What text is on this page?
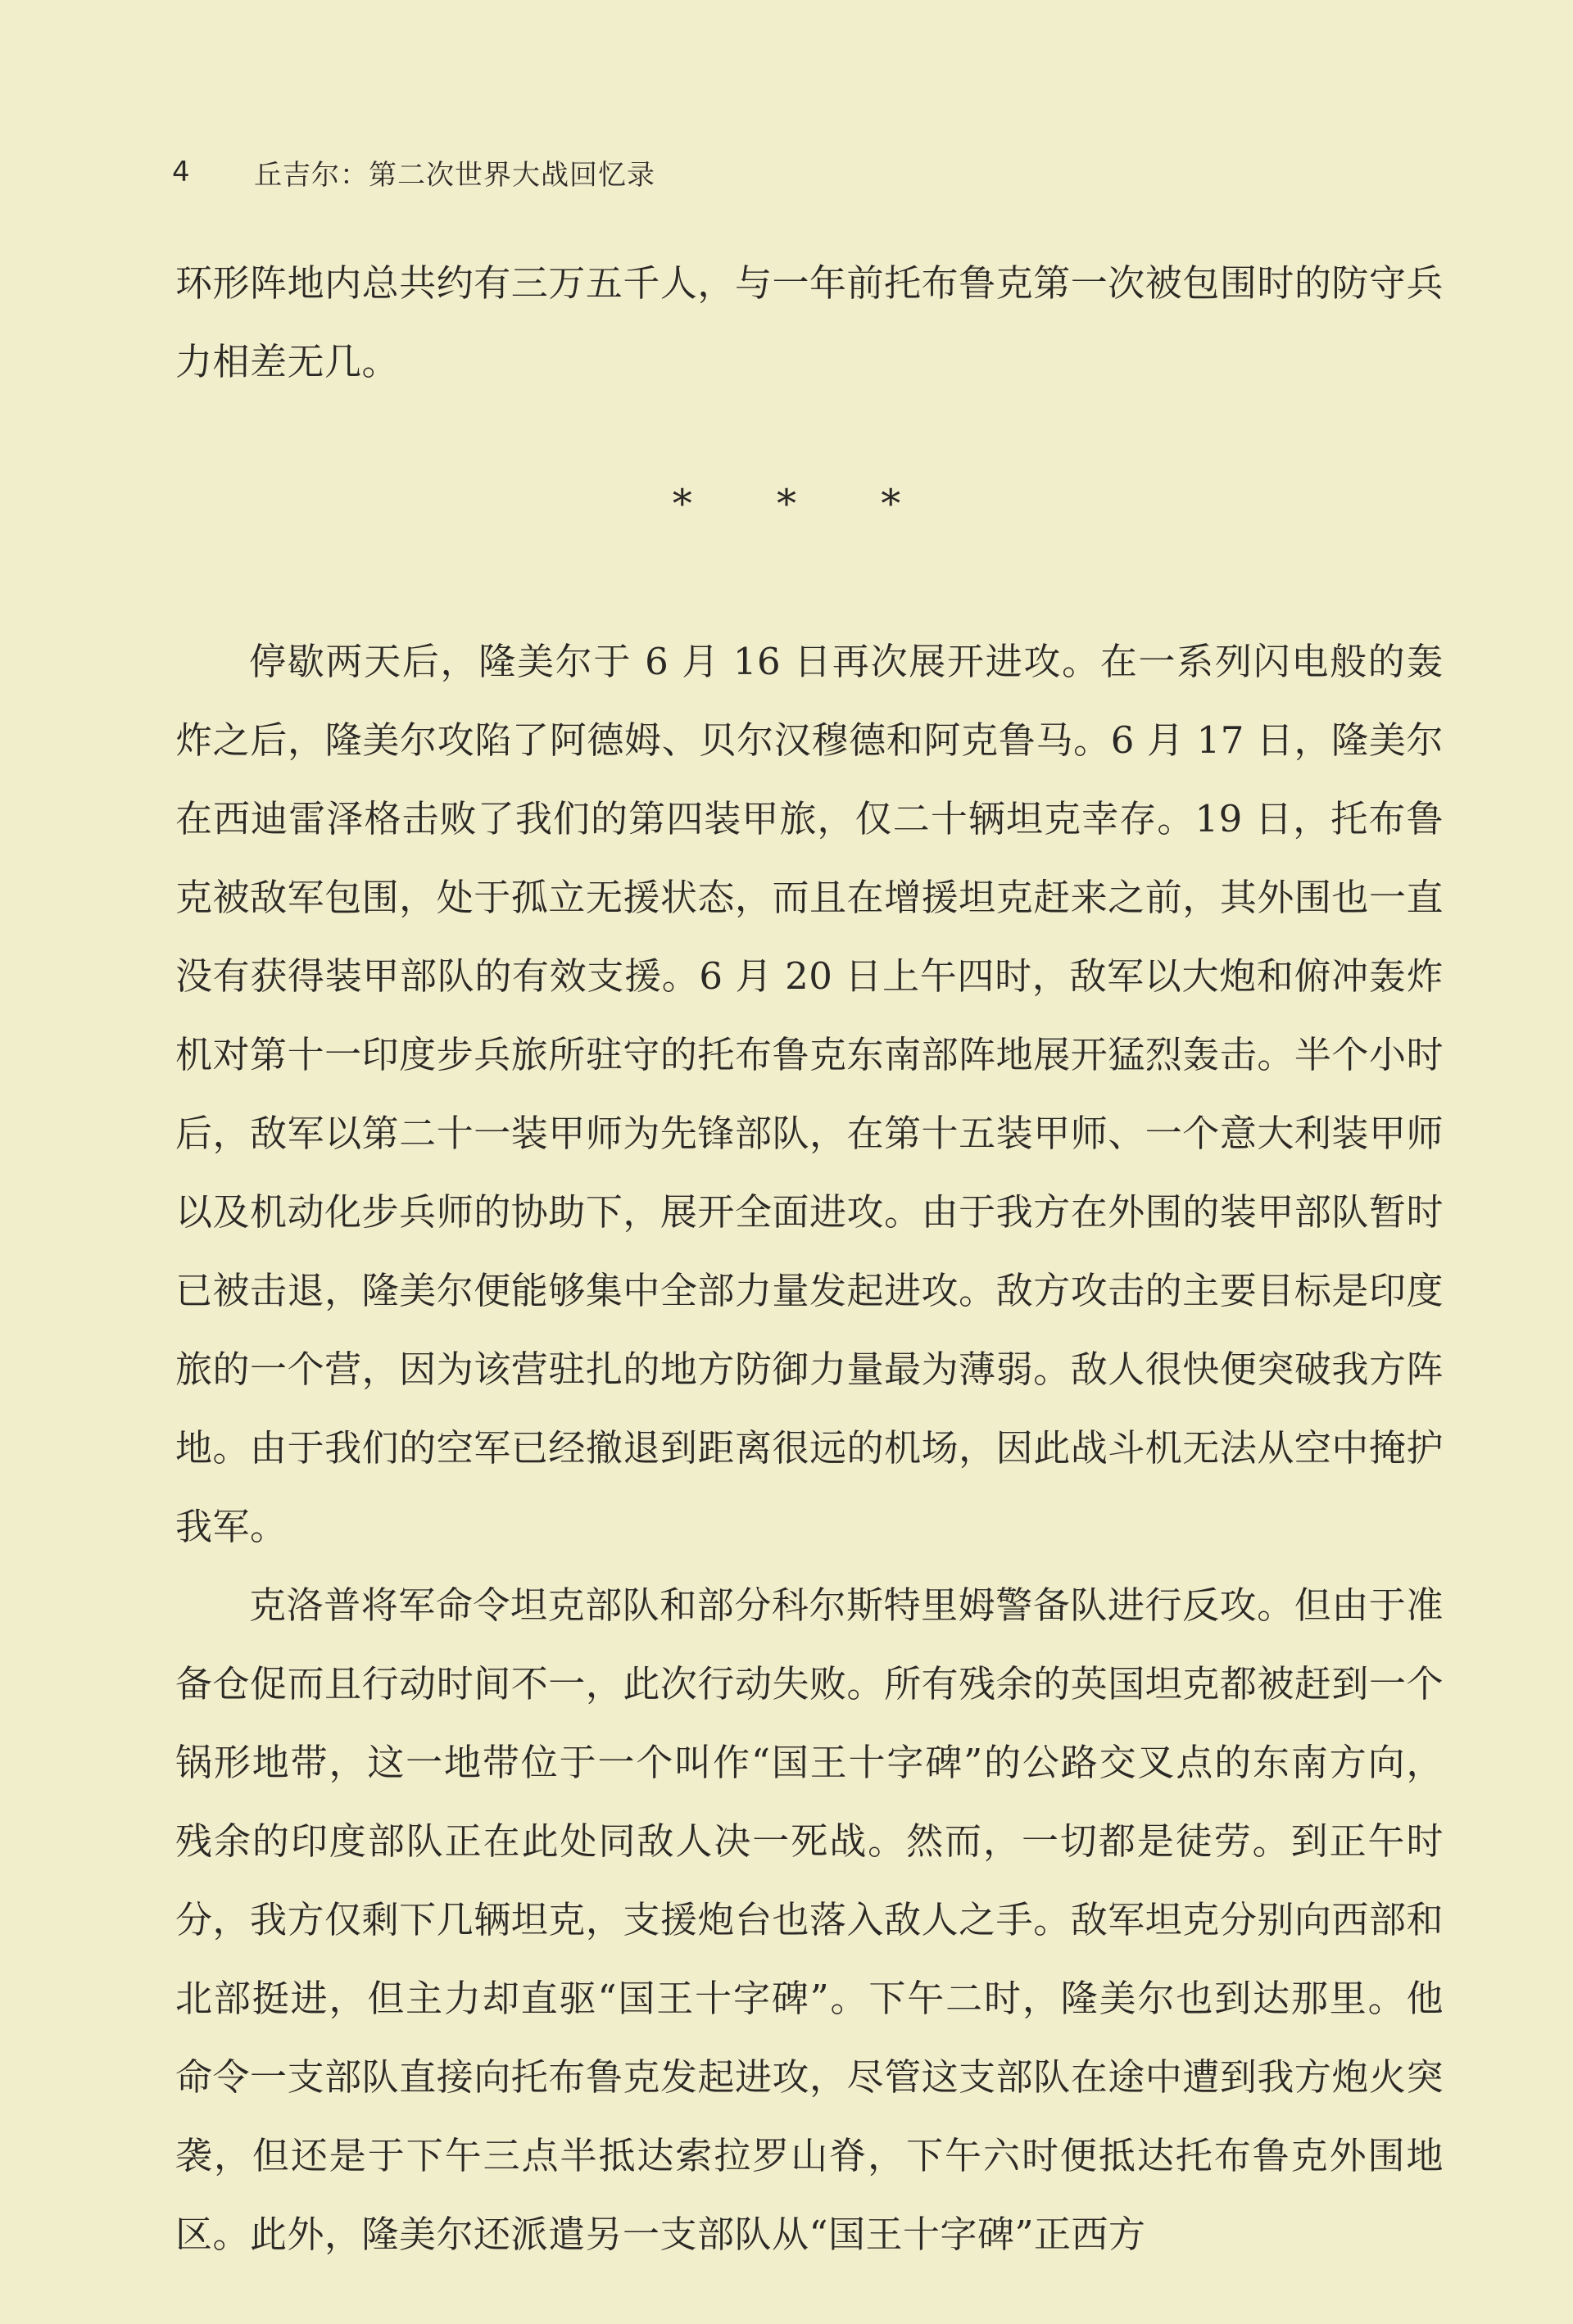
4	丘吉尔：第二次世界大战回忆录

环形阵地内总共约有三万五千人，与一年前托布鲁克第一次被包围时的防守兵力相差无几。

* * *

停歇两天后，隆美尔于 6 月 16 日再次展开进攻。在一系列闪电般的轰炸之后，隆美尔攻陷了阿德姆、贝尔汉穆德和阿克鲁马。6 月 17 日，隆美尔在西迪雷泽格击败了我们的第四装甲旅，仅二十辆坦克幸存。19 日，托布鲁克被敌军包围，处于孤立无援状态，而且在增援坦克赶来之前，其外围也一直没有获得装甲部队的有效支援。6 月 20 日上午四时，敌军以大炮和俯冲轰炸机对第十一印度步兵旅所驻守的托布鲁克东南部阵地展开猛烈轰击。半个小时后，敌军以第二十一装甲师为先锋部队，在第十五装甲师、一个意大利装甲师以及机动化步兵师的协助下，展开全面进攻。由于我方在外围的装甲部队暂时已被击退，隆美尔便能够集中全部力量发起进攻。敌方攻击的主要目标是印度旅的一个营，因为该营驻扎的地方防御力量最为薄弱。敌人很快便突破我方阵地。由于我们的空军已经撤退到距离很远的机场，因此战斗机无法从空中掩护我军。

克洛普将军命令坦克部队和部分科尔斯特里姆警备队进行反攻。但由于准备仓促而且行动时间不一，此次行动失败。所有残余的英国坦克都被赶到一个锅形地带，这一地带位于一个叫作“国王十字碑”的公路交叉点的东南方向，残余的印度部队正在此处同敌人决一死战。然而，一切都是徒劳。到正午时分，我方仅剩下几辆坦克，支援炮台也落入敌人之手。敌军坦克分别向西部和北部挺进，但主力却直驱“国王十字碑”。下午二时，隆美尔也到达那里。他命令一支部队直接向托布鲁克发起进攻，尽管这支部队在途中遭到我方炮火突袭，但还是于下午三点半抵达索拉罗山脊，下午六时便抵达托布鲁克外围地区。此外，隆美尔还派遣另一支部队从“国王十字碑”正西方
